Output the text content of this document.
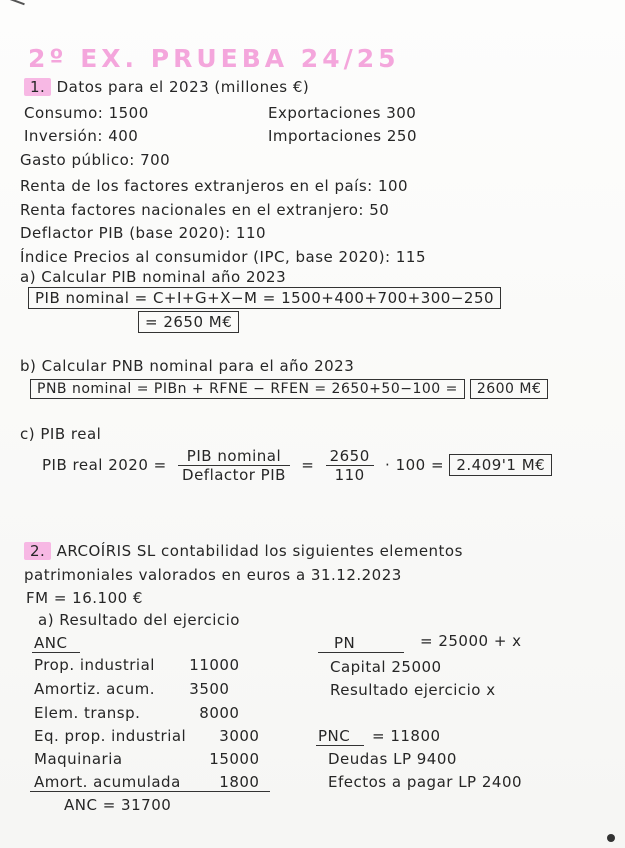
2º EX. PRUEBA 24/25
1. Datos para el 2023 (millones €)
Consumo: 1500	Exportaciones 300
Inversión: 400	Importaciones 250
Gasto público: 700
Renta de los factores extranjeros en el país: 100
Renta factores nacionales en el extranjero: 50
Deflactor PIB (base 2020): 110
Índice Precios al consumidor (IPC, base 2020): 115
a) Calcular PIB nominal año 2023
PIB nominal = C+I+G+X−M = 1500+400+700+300−250
= 2650 M€
b) Calcular PNB nominal para el año 2023
PNB nominal = PIBn + RFNE − RFEN = 2650+50−100 = 2600 M€
c) PIB real
PIB real $2020 = \frac{\text{PIB nominal}}{\text{Deflactor PIB}} = \frac{2650}{110} \cdot 100 = 2.409'1$ M€
2. ARCOÍRIS SL contabilidad los siguientes elementos
patrimoniales valorados en euros a 31.12.2023
FM = 16.100 €
a) Resultado del ejercicio
ANC	PN	= 25000 + x
Prop. industrial 11000
Amortiz. acum. 3500
Elem. transp.	8000
Eq. prop. industrial 3000
Maquinaria	15000
Amort. acumulada	1800
ANC = 31700
Capital 25000
Resultado ejercicio x
PNC = 11800
Deudas LP 9400
Efectos a pagar LP 2400
